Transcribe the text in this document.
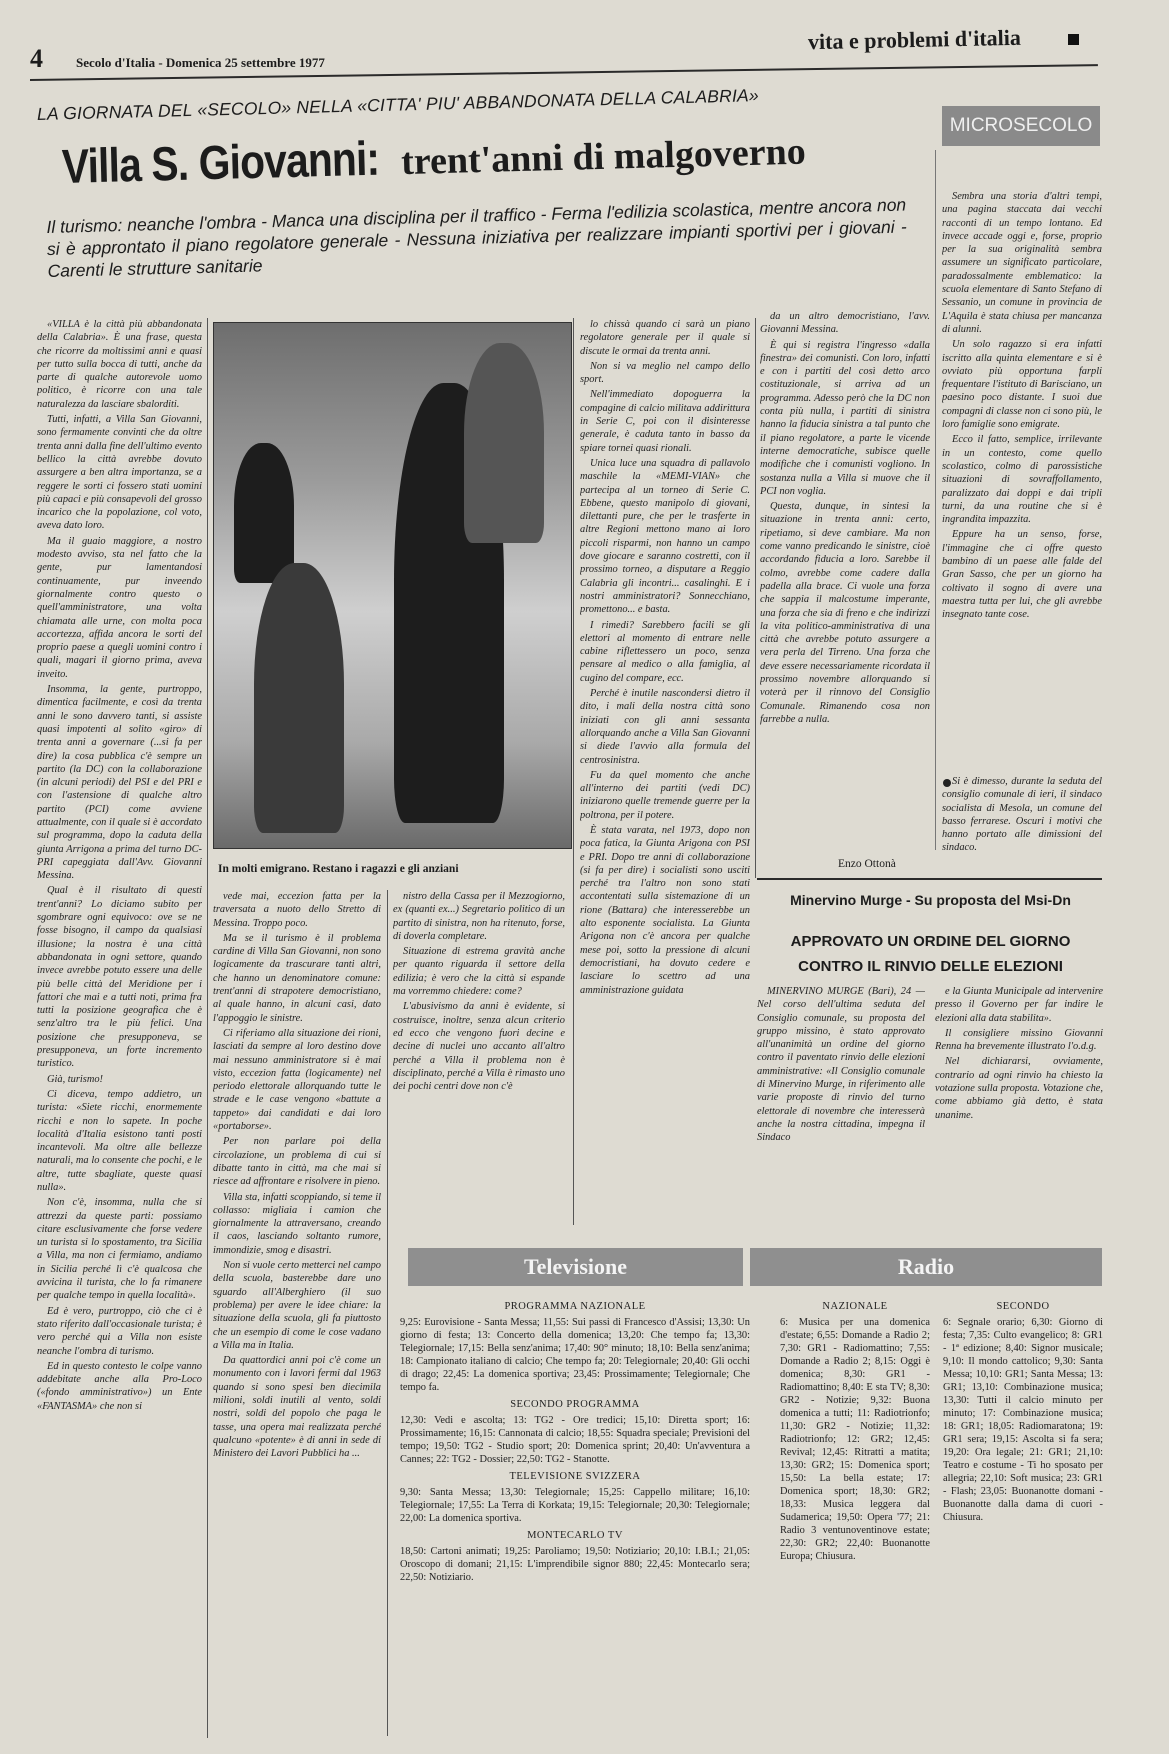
4	Secolo d'Italia - Domenica 25 settembre 1977
vita e problemi d'italia
LA GIORNATA DEL «SECOLO» NELLA «CITTA' PIU' ABBANDONATA DELLA CALABRIA»
MICROSECOLO
Villa S. Giovanni: trent'anni di malgoverno
Il turismo: neanche l'ombra - Manca una disciplina per il traffico - Ferma l'edilizia scolastica, mentre ancora non si è approntato il piano regolatore generale - Nessuna iniziativa per realizzare impianti sportivi per i giovani - Carenti le strutture sanitarie
In molti emigrano. Restano i ragazzi e gli anziani

«VILLA è la città più abbandonata della Calabria». È una frase, questa che ricorre da moltissimi anni e quasi per tutto sulla bocca di tutti, anche da parte di qualche autorevole uomo politico, è ricorre con una tale naturalezza da lasciare sbalorditi.

Tutti, infatti, a Villa San Giovanni, sono fermamente convinti che da oltre trenta anni dalla fine dell'ultimo evento bellico la città avrebbe dovuto assurgere a ben altra importanza, se a reggere le sorti ci fossero stati uomini più capaci e più consapevoli del grosso incarico che la popolazione, col voto, aveva dato loro.

Ma il guaio maggiore, a nostro modesto avviso, sta nel fatto che la gente, pur lamentandosi continuamente, pur inveendo giornalmente contro questo o quell'amministratore, una volta chiamata alle urne, con molta poca accortezza, affida ancora le sorti del proprio paese a quegli uomini contro i quali, magari il giorno prima, aveva inveito.

Insomma, la gente, purtroppo, dimentica facilmente, e così da trenta anni le sono davvero tanti, si assiste quasi impotenti al solito «giro» di trenta anni a governare (...si fa per dire) la cosa pubblica c'è sempre un partito (la DC) con la collaborazione (in alcuni periodi) del PSI e del PRI e con l'astensione di qualche altro partito (PCI) come avviene attualmente, con il quale si è accordato sul programma, dopo la caduta della giunta Arrigona a prima del turno DC-PRI capeggiata dall'Avv. Giovanni Messina.

Qual è il risultato di questi trent'anni? Lo diciamo subito per sgombrare ogni equivoco: ove se ne fosse bisogno, il campo da qualsiasi illusione; la nostra è una città abbandonata in ogni settore, quando invece avrebbe potuto essere una delle più belle città del Meridione per i fattori che mai e a tutti noti, prima fra tutti la posizione geografica che è senz'altro tra le più felici. Una posizione che presupponeva, se presupponeva, un forte incremento turistico.

Già, turismo!

Ci diceva, tempo addietro, un turista: «Siete ricchi, enormemente ricchi e non lo sapete. In poche località d'Italia esistono tanti posti incantevoli. Ma oltre alle bellezze naturali, ma lo consente che pochi, e le altre, tutte sbagliate, queste quasi nulla».

Non c'è, insomma, nulla che si attrezzi da queste parti: possiamo citare esclusivamente che forse vedere un turista si lo spostamento, tra Sicilia a Villa, ma non ci fermiamo, andiamo in Sicilia perché lì c'è qualcosa che avvicina il turista, che lo fa rimanere per qualche tempo in quella località».

Ed è vero, purtroppo, ciò che ci è stato riferito dall'occasionale turista; è vero perché qui a Villa non esiste neanche l'ombra di turismo.

Ed in questo contesto le colpe vanno addebitate anche alla Pro-Loco («fondo amministrativo») un Ente «FANTASMA» che non si

vede mai, eccezion fatta per la traversata a nuoto dello Stretto di Messina. Troppo poco.

Ma se il turismo è il problema cardine di Villa San Giovanni, non sono logicamente da trascurare tanti altri, che hanno un denominatore comune: trent'anni di strapotere democristiano, al quale hanno, in alcuni casi, dato l'appoggio le sinistre.

Ci riferiamo alla situazione dei rioni, lasciati da sempre al loro destino dove mai nessuno amministratore si è mai visto, eccezion fatta (logicamente) nel periodo elettorale allorquando tutte le strade e le case vengono «battute a tappeto» dai candidati e dai loro «portaborse».

Per non parlare poi della circolazione, un problema di cui si dibatte tanto in città, ma che mai si riesce ad affrontare e risolvere in pieno.

Villa sta, infatti scoppiando, si teme il collasso: migliaia i camion che giornalmente la attraversano, creando il caos, lasciando soltanto rumore, immondizie, smog e disastri.

Non si vuole certo metterci nel campo della scuola, basterebbe dare uno sguardo all'Alberghiero (il suo problema) per avere le idee chiare: la situazione della scuola, gli fa piuttosto che un esempio di come le cose vadano a Villa ma in Italia.

Da quattordici anni poi c'è come un monumento con i lavori fermi dal 1963 quando si sono spesi ben diecimila milioni, soldi inutili al vento, soldi nostri, soldi del popolo che paga le tasse, una opera mai realizzata perché qualcuno «potente» è di anni in sede di Ministero dei Lavori Pubblici ha ...

nistro della Cassa per il Mezzogiorno, ex (quanti ex...) Segretario politico di un partito di sinistra, non ha ritenuto, forse, di doverla completare.

Situazione di estrema gravità anche per quanto riguarda il settore della edilizia; è vero che la città si espande ma vorremmo chiedere: come?

L'abusivismo da anni è evidente, si costruisce, inoltre, senza alcun criterio ed ecco che vengono fuori decine e decine di nuclei uno accanto all'altro perché a Villa il problema non è disciplinato, perché a Villa è rimasto uno dei pochi centri dove non c'è

lo chissà quando ci sarà un piano regolatore generale per il quale si discute le ormai da trenta anni.

Non si va meglio nel campo dello sport.

Nell'immediato dopoguerra la compagine di calcio militava addirittura in Serie C, poi con il disinteresse generale, è caduta tanto in basso da spiare tornei quasi rionali.

Unica luce una squadra di pallavolo maschile la «MEMI-VIAN» che partecipa al un torneo di Serie C. Ebbene, questo manipolo di giovani, dilettanti pure, che per le trasferte in altre Regioni mettono mano ai loro piccoli risparmi, non hanno un campo dove giocare e saranno costretti, con il prossimo torneo, a disputare a Reggio Calabria gli incontri... casalinghi. E i nostri amministratori? Sonnecchiano, promettono... e basta.

I rimedi? Sarebbero facili se gli elettori al momento di entrare nelle cabine riflettessero un poco, senza pensare al medico o alla famiglia, al cugino del compare, ecc.

Perché è inutile nascondersi dietro il dito, i mali della nostra città sono iniziati con gli anni sessanta allorquando anche a Villa San Giovanni si diede l'avvio alla formula del centrosinistra.

Fu da quel momento che anche all'interno dei partiti (vedi DC) iniziarono quelle tremende guerre per la poltrona, per il potere.

È stata varata, nel 1973, dopo non poca fatica, la Giunta Arigona con PSI e PRI. Dopo tre anni di collaborazione (si fa per dire) i socialisti sono usciti perché tra l'altro non sono stati accontentati sulla sistemazione di un rione (Battara) che interesserebbe un alto esponente socialista. La Giunta Arigona non c'è ancora per qualche mese poi, sotto la pressione di alcuni democristiani, ha dovuto cedere e lasciare lo scettro ad una amministrazione guidata

da un altro democristiano, l'avv. Giovanni Messina.

È qui si registra l'ingresso «dalla finestra» dei comunisti. Con loro, infatti e con i partiti del così detto arco costituzionale, si arriva ad un programma. Adesso però che la DC non conta più nulla, i partiti di sinistra hanno la fiducia sinistra a tal punto che il piano regolatore, a parte le vicende interne democratiche, subisce quelle modifiche che i comunisti vogliono. In sostanza nulla a Villa si muove che il PCI non voglia.

Questa, dunque, in sintesi la situazione in trenta anni: certo, ripetiamo, si deve cambiare. Ma non come vanno predicando le sinistre, cioè accordando fiducia a loro. Sarebbe il colmo, avrebbe come cadere dalla padella alla brace. Ci vuole una forza che sappia il malcostume imperante, una forza che sia di freno e che indirizzi la vita politico-amministrativa di una città che avrebbe potuto assurgere a vera perla del Tirreno. Una forza che deve essere necessariamente ricordata il prossimo novembre allorquando si voterà per il rinnovo del Consiglio Comunale. Rimanendo cosa non farrebbe a nulla.

Enzo Ottonà

Sembra una storia d'altri tempi, una pagina staccata dai vecchi racconti di un tempo lontano. Ed invece accade oggi e, forse, proprio per la sua originalità sembra assumere un significato particolare, paradossalmente emblematico: la scuola elementare di Santo Stefano di Sessanio, un comune in provincia de L'Aquila è stata chiusa per mancanza di alunni.

Un solo ragazzo si era infatti iscritto alla quinta elementare e si è ovviato più opportuna farpli frequentare l'istituto di Barisciano, un paesino poco distante. I suoi due compagni di classe non ci sono più, le loro famiglie sono emigrate.

Ecco il fatto, semplice, irrilevante in un contesto, come quello scolastico, colmo di parossistiche situazioni di sovraffollamento, paralizzato dai doppi e dai tripli turni, da una routine che si è ingrandita impazzita.

Eppure ha un senso, forse, l'immagine che ci offre questo bambino di un paese alle falde del Gran Sasso, che per un giorno ha coltivato il sogno di avere una maestra tutta per lui, che gli avrebbe insegnato tante cose.

Si è dimesso, durante la seduta del consiglio comunale di ieri, il sindaco socialista di Mesola, un comune del basso ferrarese. Oscuri i motivi che hanno portato alle dimissioni del sindaco.

Minervino Murge - Su proposta del Msi-Dn
APPROVATO UN ORDINE DEL GIORNO
CONTRO IL RINVIO DELLE ELEZIONI

MINERVINO MURGE (Bari), 24 — Nel corso dell'ultima seduta del Consiglio comunale, su proposta del gruppo missino, è stato approvato all'unanimità un ordine del giorno contro il paventato rinvio delle elezioni amministrative: «Il Consiglio comunale di Minervino Murge, in riferimento alle varie proposte di rinvio del turno elettorale di novembre che interesserà anche la nostra cittadina, impegna il Sindaco

e la Giunta Municipale ad intervenire presso il Governo per far indire le elezioni alla data stabilita».

Il consigliere missino Giovanni Renna ha brevemente illustrato l'o.d.g.

Nel dichiararsi, ovviamente, contrario ad ogni rinvio ha chiesto la votazione sulla proposta. Votazione che, come abbiamo già detto, è stata unanime.

Televisione
PROGRAMMA NAZIONALE

9,25: Eurovisione - Santa Messa; 11,55: Sui passi di Francesco d'Assisi; 13,30: Un giorno di festa; 13: Concerto della domenica; 13,20: Che tempo fa; 13,30: Telegiornale; 17,15: Bella senz'anima; 17,40: 90° minuto; 18,10: Bella senz'anima; 18: Campionato italiano di calcio; Che tempo fa; 20: Telegiornale; 20,40: Gli occhi di drago; 22,45: La domenica sportiva; 23,45: Prossimamente; Telegiornale; Che tempo fa.

SECONDO PROGRAMMA

12,30: Vedi e ascolta; 13: TG2 - Ore tredici; 15,10: Diretta sport; 16: Prossimamente; 16,15: Cannonata di calcio; 18,55: Squadra speciale; Previsioni del tempo; 19,50: TG2 - Studio sport; 20: Domenica sprint; 20,40: Un'avventura a Cannes; 22: TG2 - Dossier; 22,50: TG2 - Stanotte.

TELEVISIONE SVIZZERA

9,30: Santa Messa; 13,30: Telegiornale; 15,25: Cappello militare; 16,10: Telegiornale; 17,55: La Terra di Korkata; 19,15: Telegiornale; 20,30: Telegiornale; 22,00: La domenica sportiva.

MONTECARLO TV

18,50: Cartoni animati; 19,25: Paroliamo; 19,50: Notiziario; 20,10: I.B.I.; 21,05: Oroscopo di domani; 21,15: L'imprendibile signor 880; 22,45: Montecarlo sera; 22,50: Notiziario.

Radio
NAZIONALE

6: Musica per una domenica d'estate; 6,55: Domande a Radio 2; 7,30: GR1 - Radiomattino; 7,55: Domande a Radio 2; 8,15: Oggi è domenica; 8,30: GR1 - Radiomattino; 8,40: E sta TV; 8,30: GR2 - Notizie; 9,32: Buona domenica a tutti; 11: Radiotrionfo; 11,30: GR2 - Notizie; 11,32: Radiotrionfo; 12: GR2; 12,45: Revival; 12,45: Ritratti a matita; 13,30: GR2; 15: Domenica sport; 15,50: La bella estate; 17: Domenica sport; 18,30: GR2; 18,33: Musica leggera dal Sudamerica; 19,50: Opera '77; 21: Radio 3 ventunoventinove estate; 22,30: GR2; 22,40: Buonanotte Europa; Chiusura.

SECONDO

6: Segnale orario; 6,30: Giorno di festa; 7,35: Culto evangelico; 8: GR1 - 1ª edizione; 8,40: Signor musicale; 9,10: Il mondo cattolico; 9,30: Santa Messa; 10,10: GR1; Santa Messa; 13: GR1; 13,10: Combinazione musica; 13,30: Tutti il calcio minuto per minuto; 17: Combinazione musica; 18: GR1; 18,05: Radiomaratona; 19: GR1 sera; 19,15: Ascolta si fa sera; 19,20: Ora legale; 21: GR1; 21,10: Teatro e costume - Ti ho sposato per allegria; 22,10: Soft musica; 23: GR1 - Flash; 23,05: Buonanotte domani - Buonanotte dalla dama di cuori - Chiusura.
